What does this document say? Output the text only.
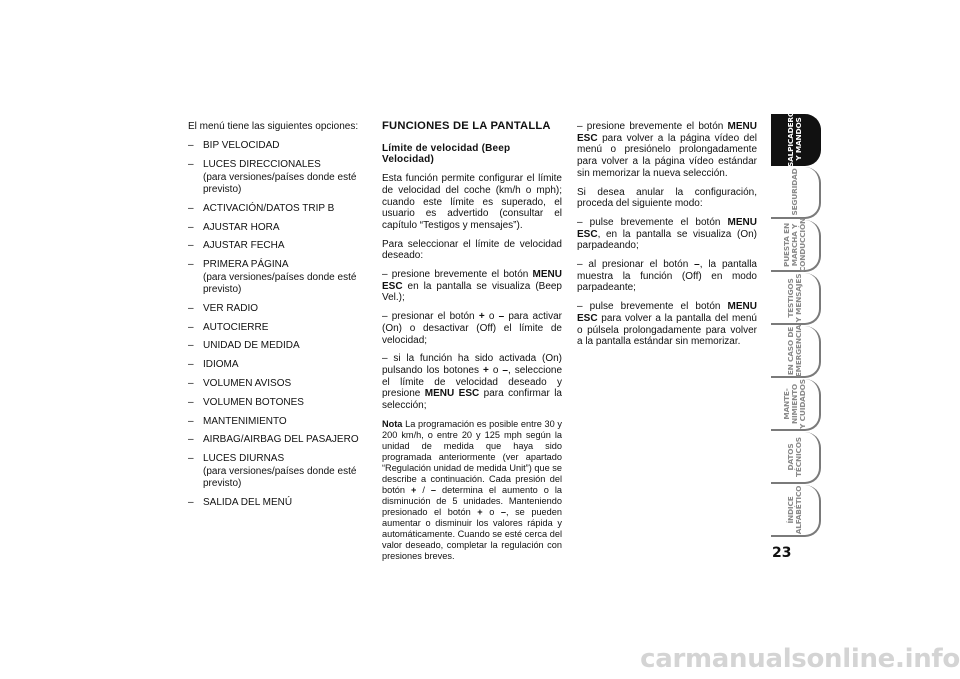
El menú tiene las siguientes opciones:

– BIP VELOCIDAD
– LUCES DIRECCIONALES
(para versiones/países donde esté previsto)
– ACTIVACIÓN/DATOS TRIP B
– AJUSTAR HORA
– AJUSTAR FECHA
– PRIMERA PÁGINA
(para versiones/países donde esté previsto)
– VER RADIO
– AUTOCIERRE
– UNIDAD DE MEDIDA
– IDIOMA
– VOLUMEN AVISOS
– VOLUMEN BOTONES
– MANTENIMIENTO
– AIRBAG/AIRBAG DEL PASAJERO
– LUCES DIURNAS
(para versiones/países donde esté previsto)
– SALIDA DEL MENÚ
FUNCIONES DE LA PANTALLA
Límite de velocidad (Beep Velocidad)

Esta función permite configurar el límite de velocidad del coche (km/h o mph); cuando este límite es superado, el usuario es advertido (consultar el capítulo “Testigos y mensajes”).

Para seleccionar el límite de velocidad deseado:

– presione brevemente el botón MENU ESC en la pantalla se visualiza (Beep Vel.);

– presionar el botón + o – para activar (On) o desactivar (Off) el límite de velocidad;

– si la función ha sido activada (On) pulsando los botones + o –, seleccione el límite de velocidad deseado y presione MENU ESC para confirmar la selección;

Nota La programación es posible entre 30 y 200 km/h, o entre 20 y 125 mph según la unidad de medida que haya sido programada anteriormente (ver apartado “Regulación unidad de medida Unit”) que se describe a continuación. Cada presión del botón + / – determina el aumento o la disminución de 5 unidades. Manteniendo presionado el botón + o –, se pueden aumentar o disminuir los valores rápida y automáticamente. Cuando se esté cerca del valor deseado, completar la regulación con presiones breves.

– presione brevemente el botón MENU ESC para volver a la página vídeo del menú o presiónelo prolongadamente para volver a la página vídeo estándar sin memorizar la nueva selección.

Si desea anular la configuración, proceda del siguiente modo:

– pulse brevemente el botón MENU ESC, en la pantalla se visualiza (On) parpadeando;

– al presionar el botón –, la pantalla muestra la función (Off) en modo parpadeante;

– pulse brevemente el botón MENU ESC para volver a la pantalla del menú o púlsela prolongadamente para volver a la pantalla estándar sin memorizar.

SALPICADERO
Y MANDOS
SEGURIDAD
PUESTA EN
MARCHA Y
CONDUCCIÓN
TESTIGOS
Y MENSAJES
EN CASO DE
EMERGENCIA
MANTE-
NIMIENTO
Y CUIDADOS
DATOS
TÉCNICOS
ÍNDICE
ALFABÉTICO
23
carmanualsonline.info
